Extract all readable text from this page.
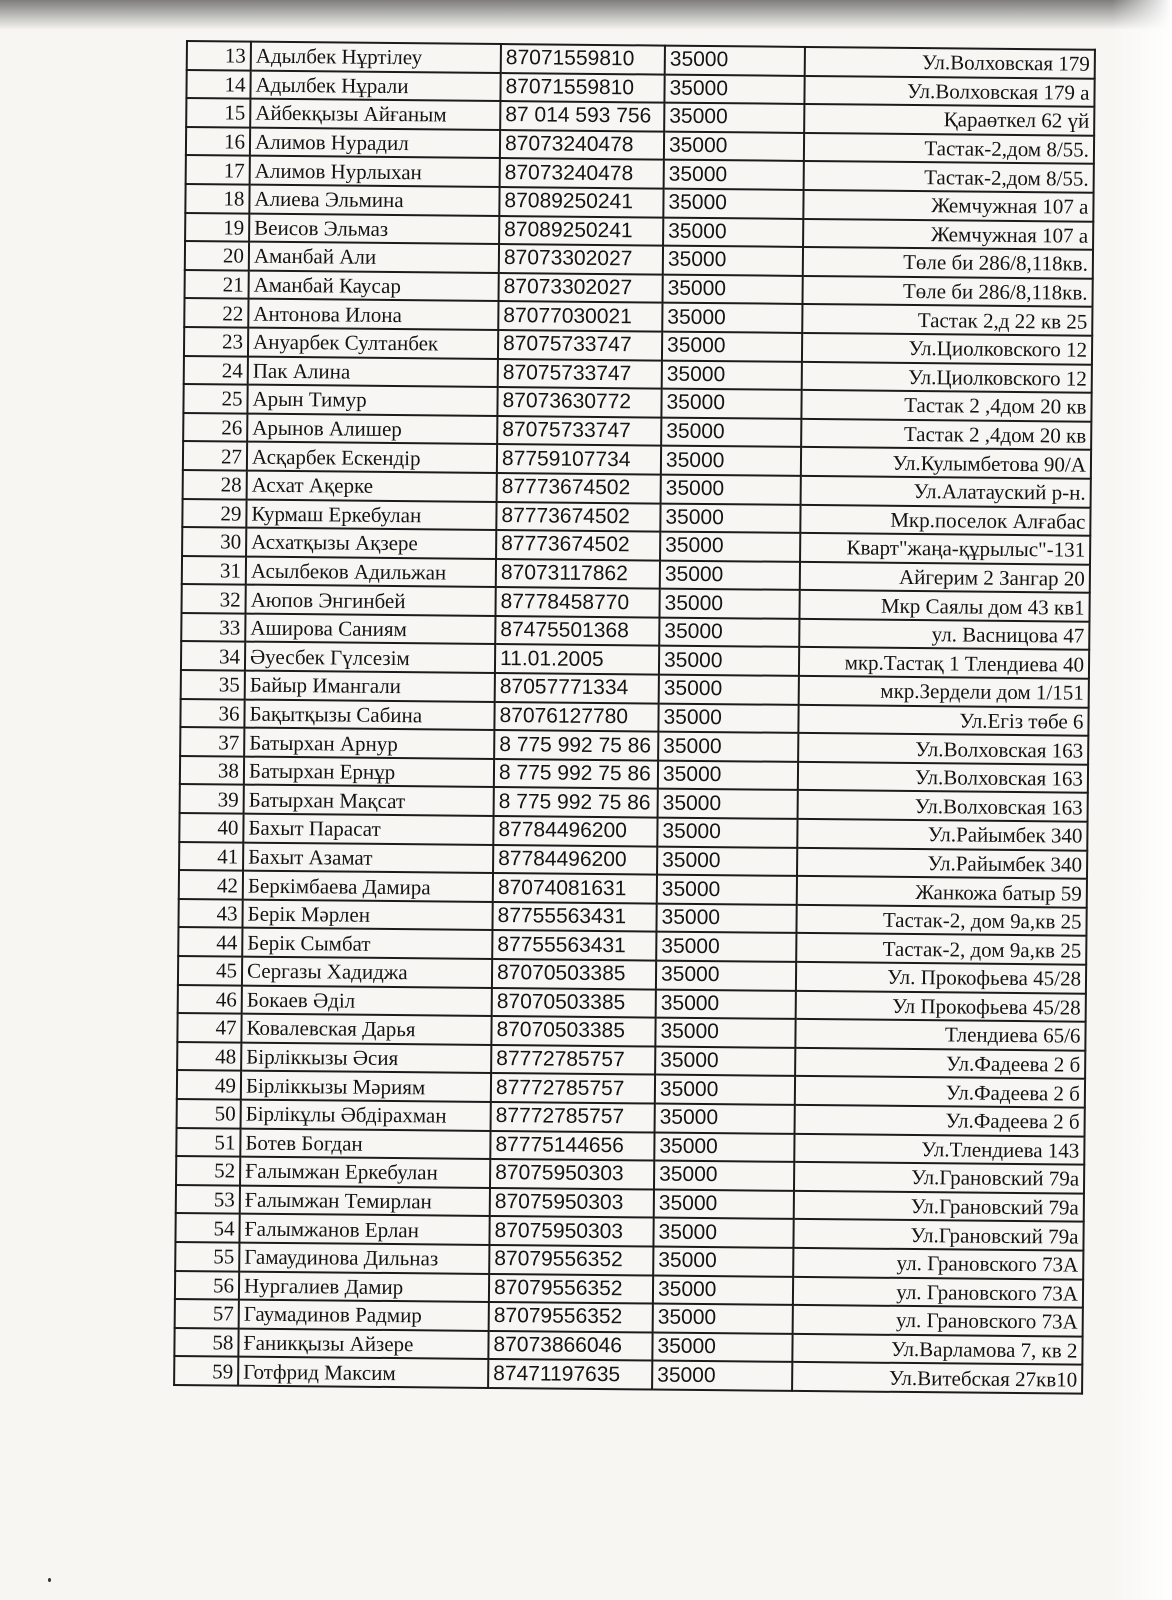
13	Адылбек Нұртілеу	87071559810	35000	Ул.Волховская 179
14	Адылбек Нұрали	87071559810	35000	Ул.Волховская 179 а
15	Айбекқызы Айғаным	87 014 593 756	35000	Қараөткел 62 үй
16	Алимов Нурадил	87073240478	35000	Тастак-2,дом 8/55.
17	Алимов Нурлыхан	87073240478	35000	Тастак-2,дом 8/55.
18	Алиева Эльмина	87089250241	35000	Жемчужная 107 а
19	Веисов Эльмаз	87089250241	35000	Жемчужная 107 а
20	Аманбай Али	87073302027	35000	Төле би 286/8,118кв.
21	Аманбай Каусар	87073302027	35000	Төле би 286/8,118кв.
22	Антонова Илона	87077030021	35000	Тастак 2,д 22 кв 25
23	Ануарбек Султанбек	87075733747	35000	Ул.Циолковского 12
24	Пак Алина	87075733747	35000	Ул.Циолковского 12
25	Арын Тимур	87073630772	35000	Тастак 2 ,4дом 20 кв
26	Арынов Алишер	87075733747	35000	Тастак 2 ,4дом 20 кв
27	Асқарбек Ескендір	87759107734	35000	Ул.Кулымбетова 90/А
28	Асхат Ақерке	87773674502	35000	Ул.Алатауский р-н.
29	Курмаш Еркебулан	87773674502	35000	Мкр.поселок Алғабас
30	Асхатқызы Ақзере	87773674502	35000	Кварт"жаңа-құрылыс"-131
31	Асылбеков Адильжан	87073117862	35000	Айгерим 2 Зангар 20
32	Аюпов Энгинбей	87778458770	35000	Мкр Саялы дом 43 кв1
33	Аширова Саниям	87475501368	35000	ул. Васницова 47
34	Әуесбек Гүлсезім	11.01.2005	35000	мкр.Тастақ 1 Тлендиева 40
35	Байыр Имангали	87057771334	35000	мкр.Зердели дом 1/151
36	Бақытқызы Сабина	87076127780	35000	Ул.Егіз төбе 6
37	Батырхан Арнур	8 775 992 75 86	35000	Ул.Волховская 163
38	Батырхан Ернұр	8 775 992 75 86	35000	Ул.Волховская 163
39	Батырхан Мақсат	8 775 992 75 86	35000	Ул.Волховская 163
40	Бахыт Парасат	87784496200	35000	Ул.Райымбек 340
41	Бахыт Азамат	87784496200	35000	Ул.Райымбек 340
42	Беркімбаева Дамира	87074081631	35000	Жанкожа батыр 59
43	Берік Мәрлен	87755563431	35000	Тастак-2, дом 9а,кв 25
44	Берік Сымбат	87755563431	35000	Тастак-2, дом 9а,кв 25
45	Сергазы Хадиджа	87070503385	35000	Ул. Прокофьева 45/28
46	Бокаев Әділ	87070503385	35000	Ул Прокофьева 45/28
47	Ковалевская Дарья	87070503385	35000	Тлендиева 65/6
48	Бірліккызы Әсия	87772785757	35000	Ул.Фадеева 2 б
49	Бірліккызы Мәриям	87772785757	35000	Ул.Фадеева 2 б
50	Бірлікұлы Әбдірахман	87772785757	35000	Ул.Фадеева 2 б
51	Ботев Богдан	87775144656	35000	Ул.Тлендиева 143
52	Ғалымжан Еркебулан	87075950303	35000	Ул.Грановский 79а
53	Ғалымжан Темирлан	87075950303	35000	Ул.Грановский 79а
54	Ғалымжанов Ерлан	87075950303	35000	Ул.Грановский 79а
55	Гамаудинова Дильназ	87079556352	35000	ул. Грановского 73А
56	Нургалиев Дамир	87079556352	35000	ул. Грановского 73А
57	Гаумадинов Радмир	87079556352	35000	ул. Грановского 73А
58	Ғаникқызы Айзере	87073866046	35000	Ул.Варламова 7, кв 2
59	Готфрид Максим	87471197635	35000	Ул.Витебская 27кв10
